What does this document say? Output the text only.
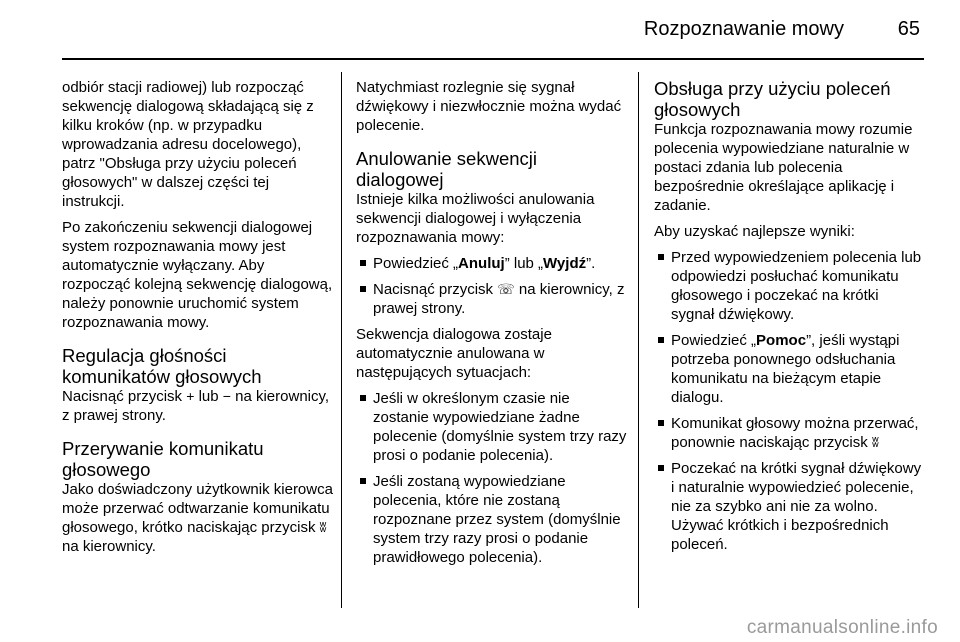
Rozpoznawanie mowy	65

odbiór stacji radiowej) lub rozpocząć sekwencję dialogową składającą się z kilku kroków (np. w przypadku wprowadzania adresu docelowego), patrz "Obsługa przy użyciu poleceń głosowych" w dalszej części tej instrukcji.

Po zakończeniu sekwencji dialogowej system rozpoznawania mowy jest automatycznie wyłączany. Aby rozpocząć kolejną sekwencję dialogową, należy ponownie uruchomić system rozpoznawania mowy.

Regulacja głośności komunikatów głosowych

Nacisnąć przycisk + lub − na kierownicy, z prawej strony.

Przerywanie komunikatu głosowego

Jako doświadczony użytkownik kierowca może przerwać odtwarzanie komunikatu głosowego, krótko naciskając przycisk ʬ na kierownicy.

Natychmiast rozlegnie się sygnał dźwiękowy i niezwłocznie można wydać polecenie.

Anulowanie sekwencji dialogowej

Istnieje kilka możliwości anulowania sekwencji dialogowej i wyłączenia rozpoznawania mowy:

Powiedzieć „Anuluj” lub „Wyjdź”.
Nacisnąć przycisk ☏ na kierownicy, z prawej strony.

Sekwencja dialogowa zostaje automatycznie anulowana w następujących sytuacjach:

Jeśli w określonym czasie nie zostanie wypowiedziane żadne polecenie (domyślnie system trzy razy prosi o podanie polecenia).
Jeśli zostaną wypowiedziane polecenia, które nie zostaną rozpoznane przez system (domyślnie system trzy razy prosi o podanie prawidłowego polecenia).
Obsługa przy użyciu poleceń głosowych

Funkcja rozpoznawania mowy rozumie polecenia wypowiedziane naturalnie w postaci zdania lub polecenia bezpośrednie określające aplikację i zadanie.

Aby uzyskać najlepsze wyniki:

Przed wypowiedzeniem polecenia lub odpowiedzi posłuchać komunikatu głosowego i poczekać na krótki sygnał dźwiękowy.
Powiedzieć „Pomoc”, jeśli wystąpi potrzeba ponownego odsłuchania komunikatu na bieżącym etapie dialogu.
Komunikat głosowy można przerwać, ponownie naciskając przycisk ʬ
Poczekać na krótki sygnał dźwiękowy i naturalnie wypowiedzieć polecenie, nie za szybko ani nie za wolno. Używać krótkich i bezpośrednich poleceń.
carmanualsonline.info
